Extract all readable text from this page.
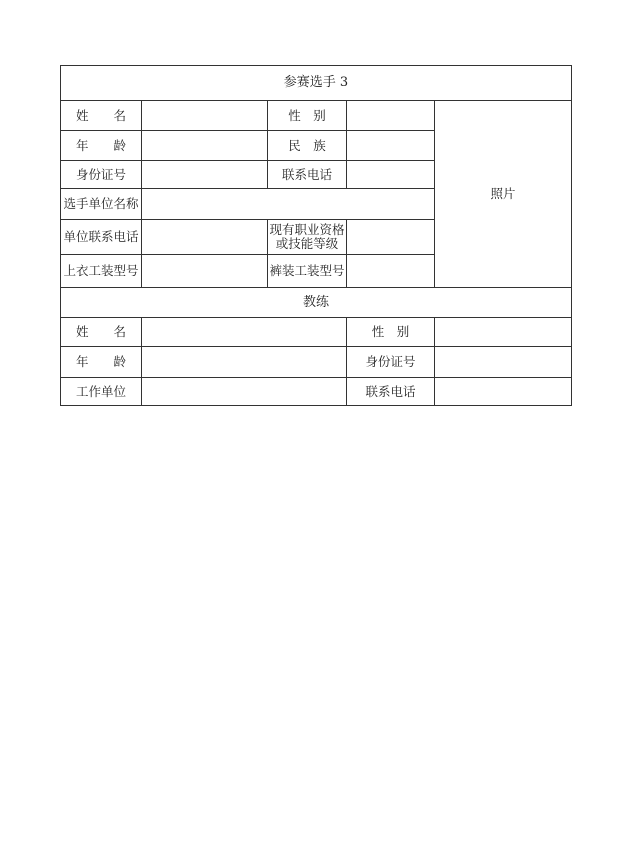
参赛选手 3				
姓　　名		性　别		照片
年　　龄		民　族		
身份证号		联系电话		
选手单位名称				
单位联系电话		现有职业资格
或技能等级		

上衣工装型号		裤装工装型号		
教练				
姓　　名			性　别	
年　　龄			身份证号	
工作单位			联系电话	
